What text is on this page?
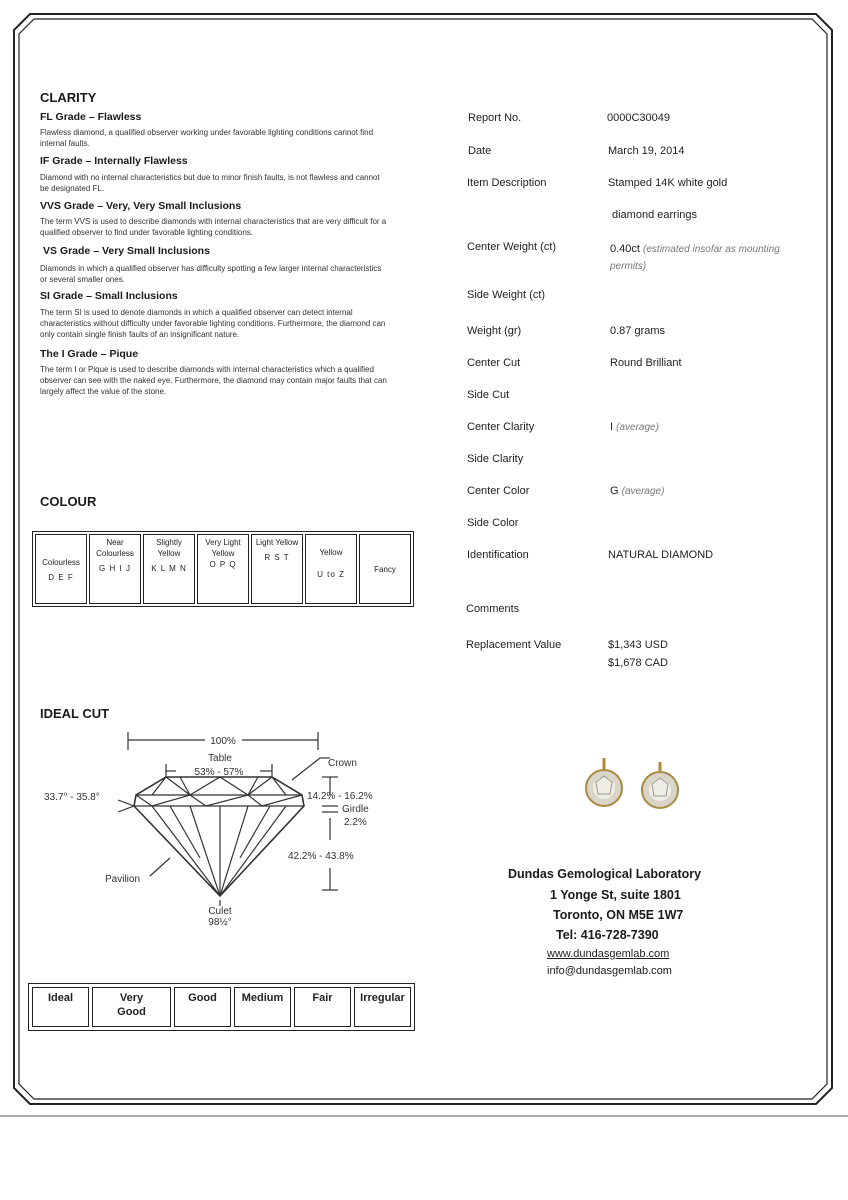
CLARITY
FL Grade – Flawless
Flawless diamond, a qualified observer working under favorable lighting conditions cannot find internal faults.
IF Grade – Internally Flawless
Diamond with no internal characteristics but due to minor finish faults, is not flawless and cannot be designated FL.
VVS Grade – Very, Very Small Inclusions
The term VVS is used to describe diamonds with internal characteristics that are very difficult for a qualified observer to find under favorable lighting conditions.
VS Grade – Very Small Inclusions
Diamonds in which a qualified observer has difficulty spotting a few larger internal characteristics or several smaller ones.
SI Grade – Small Inclusions
The term SI is used to denote diamonds in which a qualified observer can detect internal characteristics without difficulty under favorable lighting conditions. Furthermore, the diamond can only contain single finish faults of an insignificant nature.
The I Grade – Pique
The term I or Pique is used to describe diamonds with internal characteristics which a qualified observer can see with the naked eye. Furthermore, the diamond may contain major faults that can largely affect the value of the stone.
COLOUR
Colourless
D E F
	Near Colourless
G H I J
	Slightly Yellow
K L M N
	Very Light Yellow
O P Q
	Light Yellow
R S T
	Yellow
U to Z
	Fancy
IDEAL CUT
100%
Table
53% - 57%
Crown
33.7° - 35.8°	14.2% - 16.2%
Girdle
2.2%
42.2% - 43.8%
Pavilion
Culet
98½°
Ideal	Very Good	Good	Medium	Fair	Irregular
Report No.	0000C30049
Date	March 19, 2014
Item Description	Stamped 14K white gold
diamond earrings
Center Weight (ct)	0.40ct (estimated insofar as mounting permits)
Side Weight (ct)
Weight (gr)	0.87 grams
Center Cut	Round Brilliant
Side Cut
Center Clarity	I (average)
Side Clarity
Center Color	G (average)
Side Color
Identification	NATURAL DIAMOND
Comments
Replacement Value	$1,343 USD
$1,678 CAD
Dundas Gemological Laboratory
1 Yonge St, suite 1801
Toronto, ON M5E 1W7
Tel: 416-728-7390
www.dundasgemlab.com
info@dundasgemlab.com
